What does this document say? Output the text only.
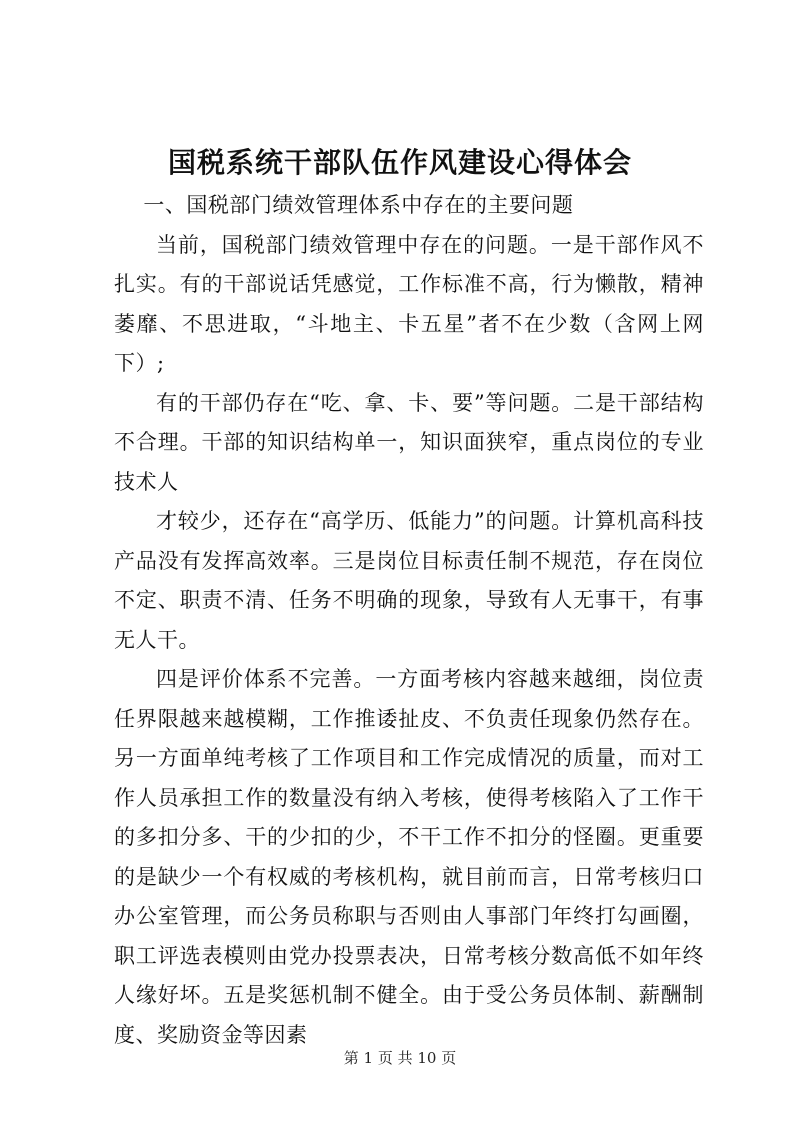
国税系统干部队伍作风建设心得体会

一、国税部门绩效管理体系中存在的主要问题

当前，国税部门绩效管理中存在的问题。一是干部作风不扎实。有的干部说话凭感觉，工作标准不高，行为懒散，精神萎靡、不思进取，“斗地主、卡五星”者不在少数（含网上网下）;

有的干部仍存在“吃、拿、卡、要”等问题。二是干部结构不合理。干部的知识结构单一，知识面狭窄，重点岗位的专业技术人

才较少，还存在“高学历、低能力”的问题。计算机高科技产品没有发挥高效率。三是岗位目标责任制不规范，存在岗位不定、职责不清、任务不明确的现象，导致有人无事干，有事无人干。

四是评价体系不完善。一方面考核内容越来越细，岗位责任界限越来越模糊，工作推诿扯皮、不负责任现象仍然存在。另一方面单纯考核了工作项目和工作完成情况的质量，而对工作人员承担工作的数量没有纳入考核，使得考核陷入了工作干的多扣分多、干的少扣的少，不干工作不扣分的怪圈。更重要的是缺少一个有权威的考核机构，就目前而言，日常考核归口办公室管理，而公务员称职与否则由人事部门年终打勾画圈，职工评选表模则由党办投票表决，日常考核分数高低不如年终人缘好坏。五是奖惩机制不健全。由于受公务员体制、薪酬制度、奖励资金等因素

第 1 页 共 10 页
